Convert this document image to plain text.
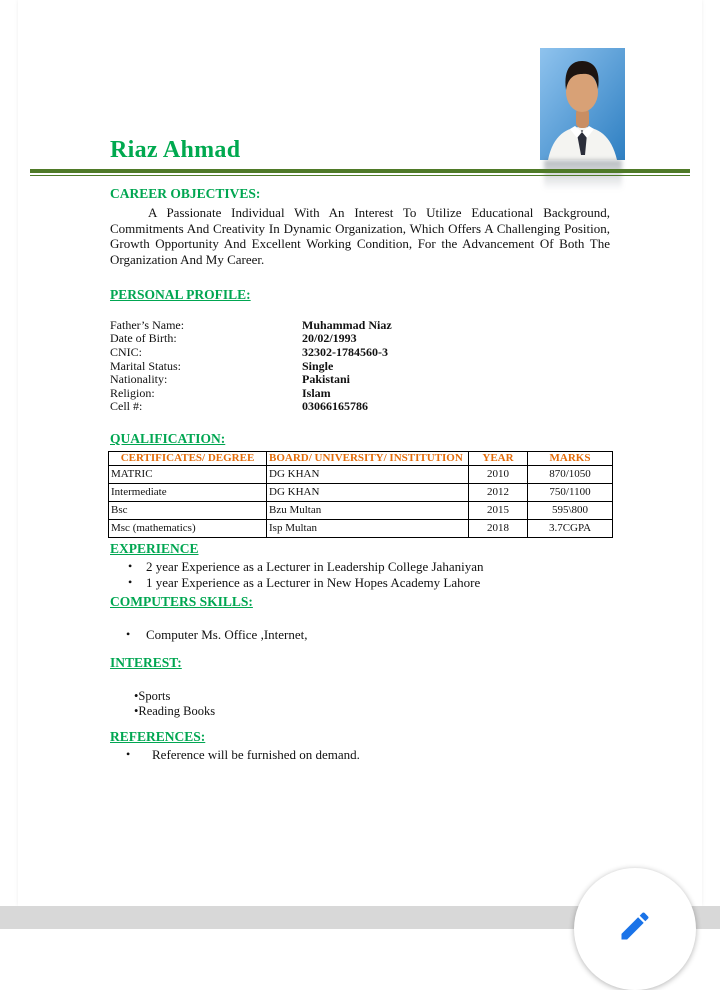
Riaz Ahmad
CAREER OBJECTIVES:

A Passionate Individual With An Interest To Utilize Educational Background, Commitments And Creativity In Dynamic Organization, Which Offers A Challenging Position, Growth Opportunity And Excellent Working Condition, For the Advancement Of Both The Organization And My Career.

PERSONAL PROFILE:
Father’s Name:	Muhammad Niaz
Date of Birth:	20/02/1993
CNIC:	32302-1784560-3
Marital Status:	Single
Nationality:	Pakistani
Religion:	Islam
Cell #:	03066165786
QUALIFICATION:
CERTIFICATES/ DEGREE	BOARD/ UNIVERSITY/ INSTITUTION	YEAR	MARKS
MATRIC	DG KHAN	2010	870/1050
Intermediate	DG KHAN	2012	750/1100
Bsc	Bzu Multan	2015	595\800
Msc (mathematics)	Isp Multan	2018	3.7CGPA
EXPERIENCE
• 2 year Experience as a Lecturer in Leadership College Jahaniyan
• 1 year Experience as a Lecturer in New Hopes Academy Lahore
COMPUTERS SKILLS:
• Computer Ms. Office ,Internet,
INTEREST:
•Sports
•Reading Books
REFERENCES:
• Reference will be furnished on demand.
